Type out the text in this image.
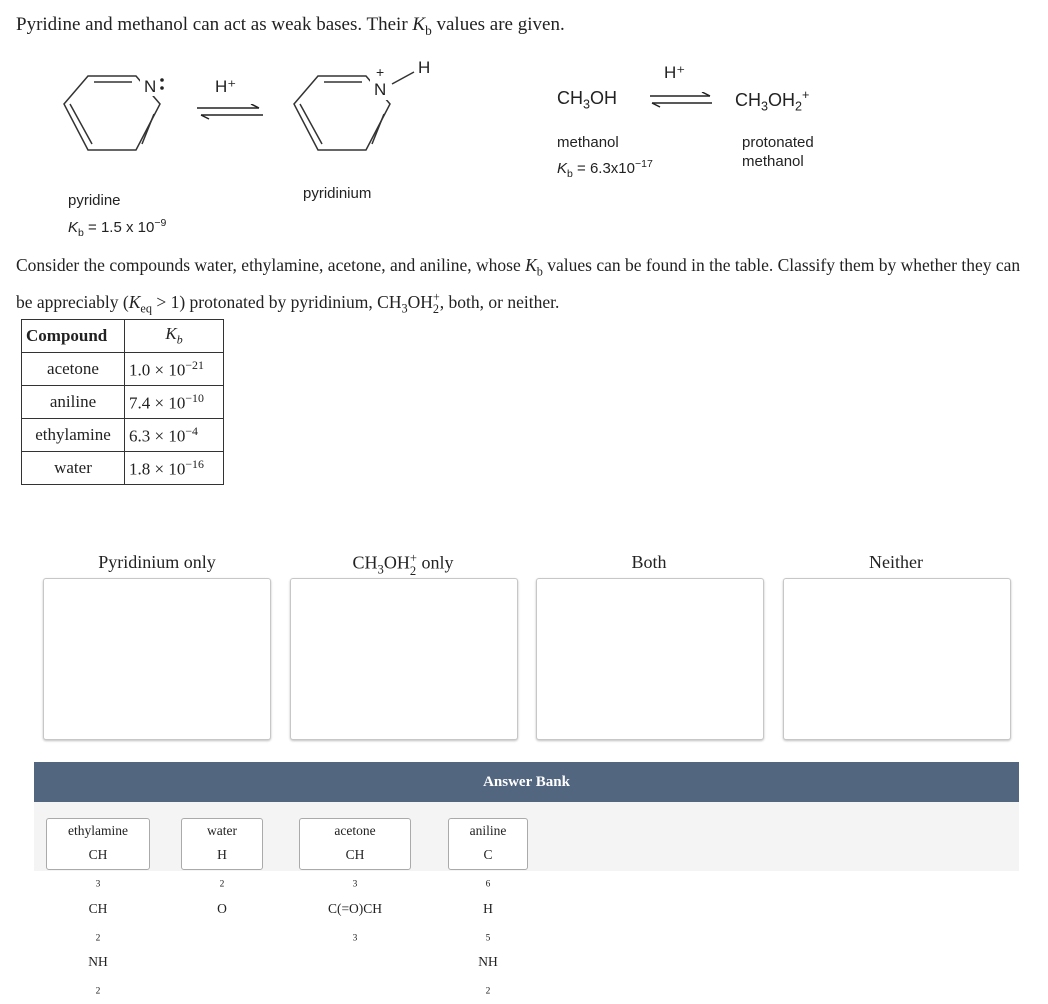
Pyridine and methanol can act as weak bases. Their $K_b$ values are given.
N	H⁺	N
+ H
pyridine
$K_b = 1.5$ x $10^{-9}$
pyridinium
$CH_3OH$
H⁺
$CH_3OH_2^+$
methanol
$K_b = 6.3x10^{-17}$
protonated
methanol
Consider the compounds water, ethylamine, acetone, and aniline, whose $K_b$ values can be found in the table. Classify them by whether they can be appreciably $(K_{eq} > 1)$ protonated by pyridinium, $CH_3OH$ +
2 , both, or neither.
Compound	$K_b$
acetone	$1.0 \times 10^{-21}$
aniline	$7.4 \times 10^{-10}$
ethylamine	$6.3 \times 10^{-4}$
water	$1.8 \times 10^{-16}$
Pyridinium only	$CH_3OH$ +
2 only	Both	Neither
Answer Bank
ethylamine
CH
$_3$
CH
$_2$
NH
$_2$
water
H
$_2$
O
acetone
CH
$_3$
C(=O)CH
$_3$
aniline
C
$_6$
H
$_5$
NH
$_2$
